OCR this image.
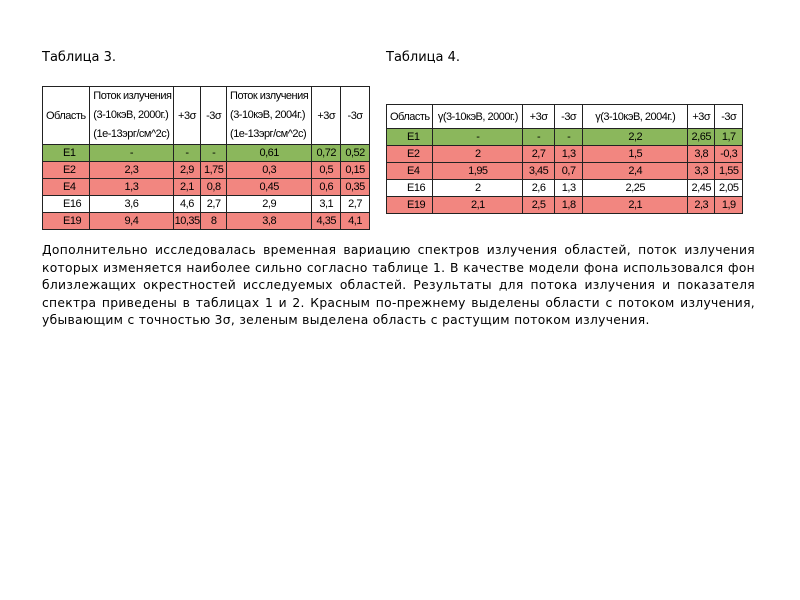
Таблица 3.	Таблица 4.
Область	Поток излучения
(3-10кэВ, 2000г.)
(1е-13эрг/см^2с)	+3σ	-3σ	Поток излучения
(3-10кэВ, 2004г.)
(1е-13эрг/см^2с)	+3σ	-3σ
E1	-	-	-	0,61	0,72	0,52
E2	2,3	2,9	1,75	0,3	0,5	0,15
E4	1,3	2,1	0,8	0,45	0,6	0,35
E16	3,6	4,6	2,7	2,9	3,1	2,7
E19	9,4	10,35	8	3,8	4,35	4,1
Область	γ(3-10кэВ, 2000г.)	+3σ	-3σ	γ(3-10кэВ, 2004г.)	+3σ	-3σ
E1	-	-	-	2,2	2,65	1,7
E2	2	2,7	1,3	1,5	3,8	-0,3
E4	1,95	3,45	0,7	2,4	3,3	1,55
E16	2	2,6	1,3	2,25	2,45	2,05
E19	2,1	2,5	1,8	2,1	2,3	1,9
Дополнительно исследовалась временная вариацию спектров излучения областей, поток излучения которых изменяется наиболее сильно согласно таблице 1. В качестве модели фона использовался фон близлежащих окрестностей исследуемых областей. Результаты для потока излучения и показателя спектра приведены в таблицах 1 и 2. Красным по-прежнему выделены области с потоком излучения, убывающим с точностью 3σ, зеленым выделена область с растущим потоком излучения.
